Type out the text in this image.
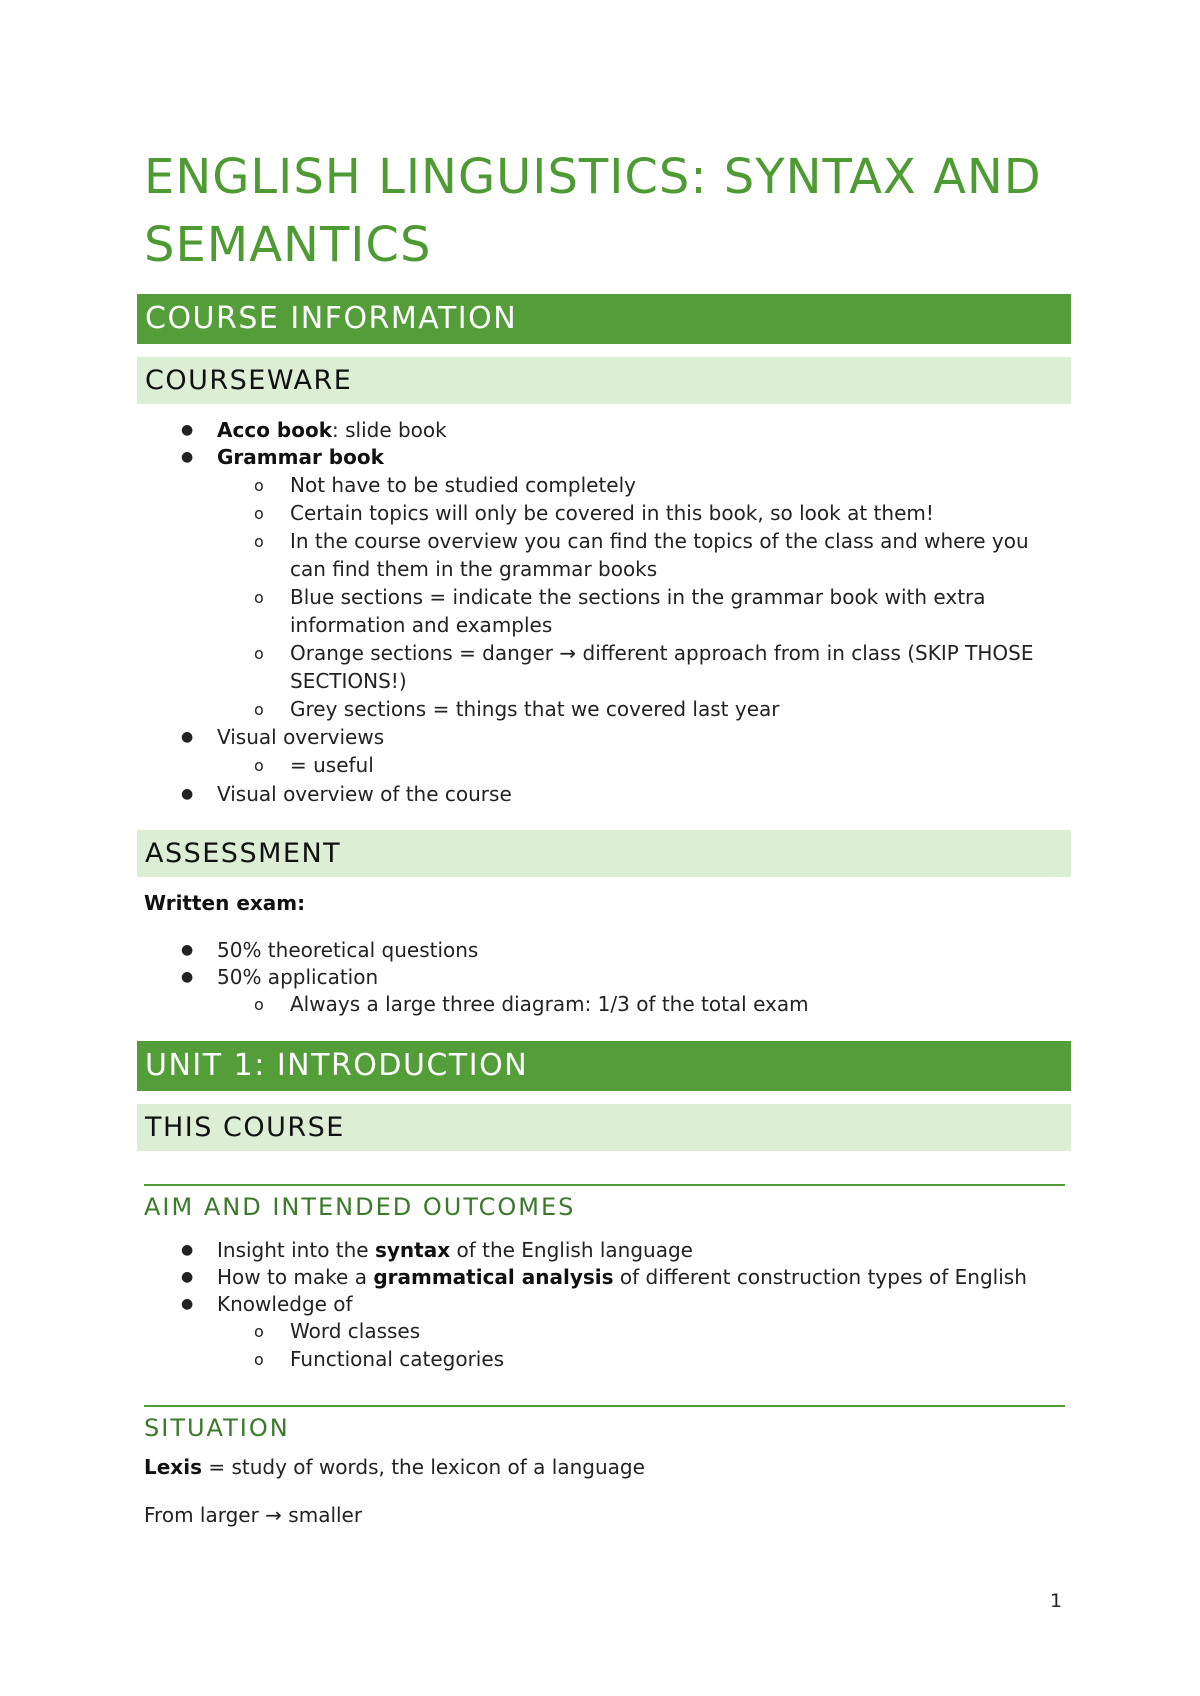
ENGLISH LINGUISTICS: SYNTAX AND SEMANTICS
COURSE INFORMATION
COURSEWARE
● Acco book: slide book
● Grammar book
o Not have to be studied completely
o Certain topics will only be covered in this book, so look at them!
o In the course overview you can find the topics of the class and where you
can find them in the grammar books
o Blue sections = indicate the sections in the grammar book with extra
information and examples
o Orange sections = danger → different approach from in class (SKIP THOSE
SECTIONS!)
o Grey sections = things that we covered last year
● Visual overviews
o = useful
● Visual overview of the course
ASSESSMENT
Written exam:
● 50% theoretical questions
● 50% application
o Always a large three diagram: 1/3 of the total exam
UNIT 1: INTRODUCTION
THIS COURSE
AIM AND INTENDED OUTCOMES
● Insight into the syntax of the English language
● How to make a grammatical analysis of different construction types of English
● Knowledge of
o Word classes
o Functional categories
SITUATION
Lexis = study of words, the lexicon of a language
From larger → smaller
1
